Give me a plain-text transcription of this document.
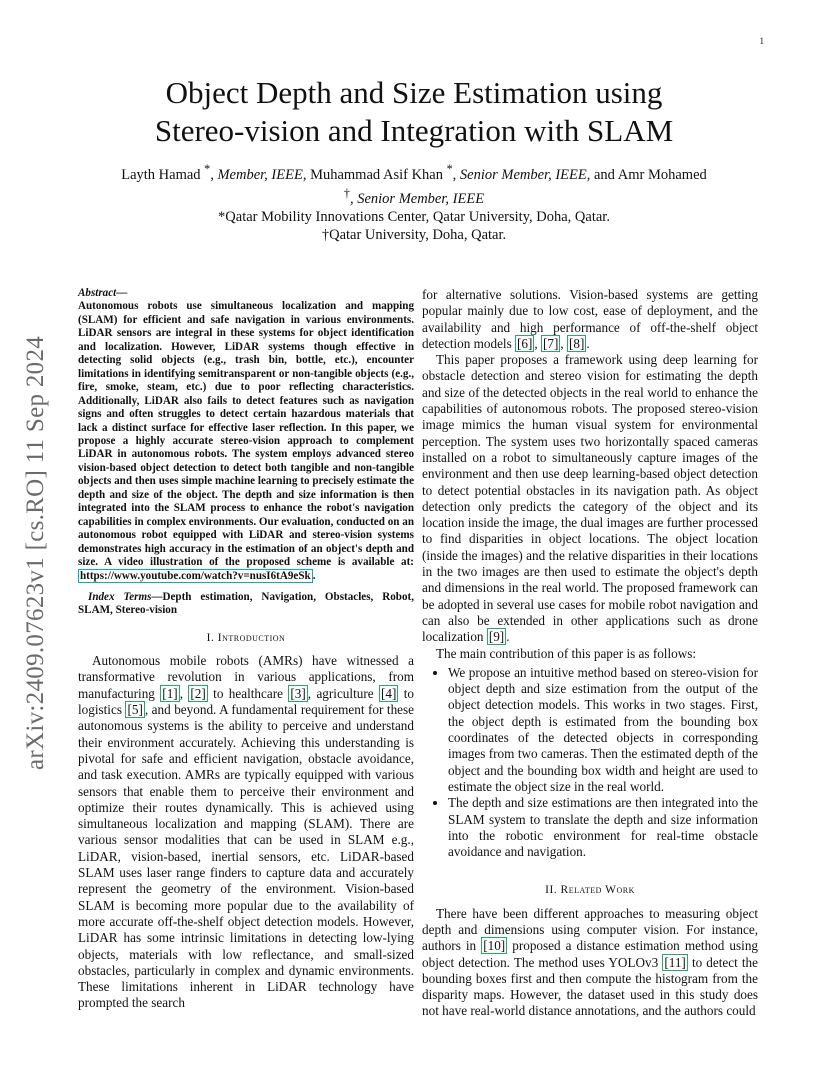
1
arXiv:2409.07623v1 [cs.RO] 11 Sep 2024
Object Depth and Size Estimation using
Stereo-vision and Integration with SLAM
Layth Hamad *, Member, IEEE, Muhammad Asif Khan *, Senior Member, IEEE, and Amr Mohamed
†, Senior Member, IEEE
*Qatar Mobility Innovations Center, Qatar University, Doha, Qatar.
†Qatar University, Doha, Qatar.

Abstract—
Autonomous robots use simultaneous localization and mapping (SLAM) for efficient and safe navigation in various environments. LiDAR sensors are integral in these systems for object identification and localization. However, LiDAR systems though effective in detecting solid objects (e.g., trash bin, bottle, etc.), encounter limitations in identifying semitransparent or non-tangible objects (e.g., fire, smoke, steam, etc.) due to poor reflecting characteristics. Additionally, LiDAR also fails to detect features such as navigation signs and often struggles to detect certain hazardous materials that lack a distinct surface for effective laser reflection. In this paper, we propose a highly accurate stereo-vision approach to complement LiDAR in autonomous robots. The system employs advanced stereo vision-based object detection to detect both tangible and non-tangible objects and then uses simple machine learning to precisely estimate the depth and size of the object. The depth and size information is then integrated into the SLAM process to enhance the robot's navigation capabilities in complex environments. Our evaluation, conducted on an autonomous robot equipped with LiDAR and stereo-vision systems demonstrates high accuracy in the estimation of an object's depth and size. A video illustration of the proposed scheme is available at: https://www.youtube.com/watch?v=nusI6tA9eSk .

Index Terms—Depth estimation, Navigation, Obstacles, Robot, SLAM, Stereo-vision

I. Introduction

Autonomous mobile robots (AMRs) have witnessed a transformative revolution in various applications, from manufacturing [1] , [2] to healthcare [3] , agriculture [4] to logistics [5] , and beyond. A fundamental requirement for these autonomous systems is the ability to perceive and understand their environment accurately. Achieving this understanding is pivotal for safe and efficient navigation, obstacle avoidance, and task execution. AMRs are typically equipped with various sensors that enable them to perceive their environment and optimize their routes dynamically. This is achieved using simultaneous localization and mapping (SLAM). There are various sensor modalities that can be used in SLAM e.g., LiDAR, vision-based, inertial sensors, etc. LiDAR-based SLAM uses laser range finders to capture data and accurately represent the geometry of the environment. Vision-based SLAM is becoming more popular due to the availability of more accurate off-the-shelf object detection models. However, LiDAR has some intrinsic limitations in detecting low-lying objects, materials with low reflectance, and small-sized obstacles, particularly in complex and dynamic environments. These limitations inherent in LiDAR technology have prompted the search

for alternative solutions. Vision-based systems are getting popular mainly due to low cost, ease of deployment, and the availability and high performance of off-the-shelf object detection models [6] , [7] , [8] .

This paper proposes a framework using deep learning for obstacle detection and stereo vision for estimating the depth and size of the detected objects in the real world to enhance the capabilities of autonomous robots. The proposed stereo-vision image mimics the human visual system for environmental perception. The system uses two horizontally spaced cameras installed on a robot to simultaneously capture images of the environment and then use deep learning-based object detection to detect potential obstacles in its navigation path. As object detection only predicts the category of the object and its location inside the image, the dual images are further processed to find disparities in object locations. The object location (inside the images) and the relative disparities in their locations in the two images are then used to estimate the object's depth and dimensions in the real world. The proposed framework can be adopted in several use cases for mobile robot navigation and can also be extended in other applications such as drone localization [9] .

The main contribution of this paper is as follows:

• We propose an intuitive method based on stereo-vision for object depth and size estimation from the output of the object detection models. This works in two stages. First, the object depth is estimated from the bounding box coordinates of the detected objects in corresponding images from two cameras. Then the estimated depth of the object and the bounding box width and height are used to estimate the object size in the real world.
• The depth and size estimations are then integrated into the SLAM system to translate the depth and size information into the robotic environment for real-time obstacle avoidance and navigation.
II. Related Work

There have been different approaches to measuring object depth and dimensions using computer vision. For instance, authors in [10] proposed a distance estimation method using object detection. The method uses YOLOv3 [11] to detect the bounding boxes first and then compute the histogram from the disparity maps. However, the dataset used in this study does not have real-world distance annotations, and the authors could
